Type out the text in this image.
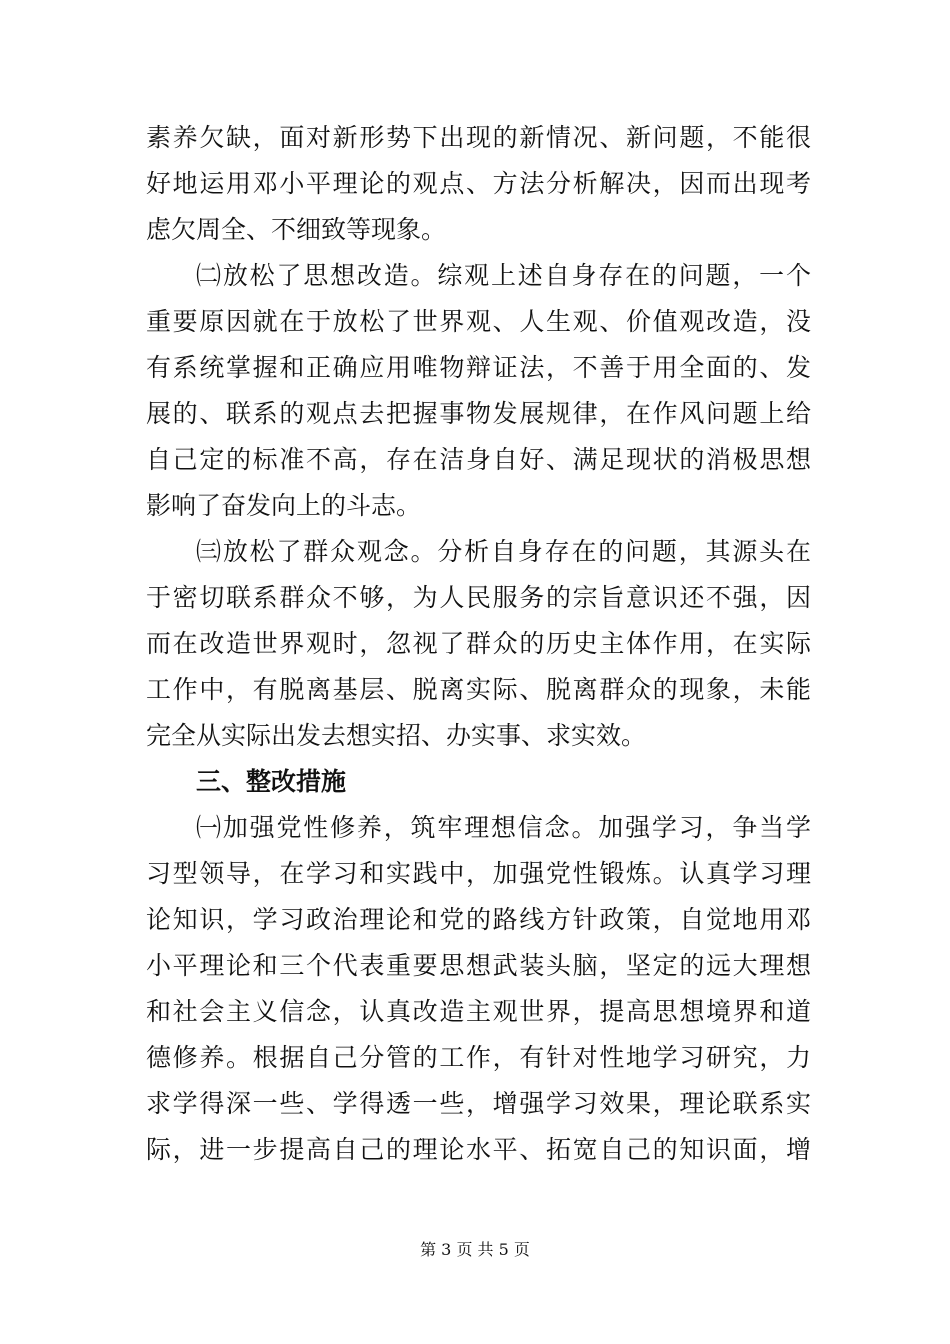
素养欠缺，面对新形势下出现的新情况、新问题，不能很
好地运用邓小平理论的观点、方法分析解决，因而出现考
虑欠周全、不细致等现象。
㈡放松了思想改造。综观上述自身存在的问题，一个
重要原因就在于放松了世界观、人生观、价值观改造，没
有系统掌握和正确应用唯物辩证法，不善于用全面的、发
展的、联系的观点去把握事物发展规律，在作风问题上给
自己定的标准不高，存在洁身自好、满足现状的消极思想
影响了奋发向上的斗志。
㈢放松了群众观念。分析自身存在的问题，其源头在
于密切联系群众不够，为人民服务的宗旨意识还不强，因
而在改造世界观时，忽视了群众的历史主体作用，在实际
工作中，有脱离基层、脱离实际、脱离群众的现象，未能
完全从实际出发去想实招、办实事、求实效。
三、整改措施
㈠加强党性修养，筑牢理想信念。加强学习，争当学
习型领导，在学习和实践中，加强党性锻炼。认真学习理
论知识，学习政治理论和党的路线方针政策，自觉地用邓
小平理论和三个代表重要思想武装头脑，坚定的远大理想
和社会主义信念，认真改造主观世界，提高思想境界和道
德修养。根据自己分管的工作，有针对性地学习研究，力
求学得深一些、学得透一些，增强学习效果，理论联系实
际，进一步提高自己的理论水平、拓宽自己的知识面，增
第 3 页 共 5 页
